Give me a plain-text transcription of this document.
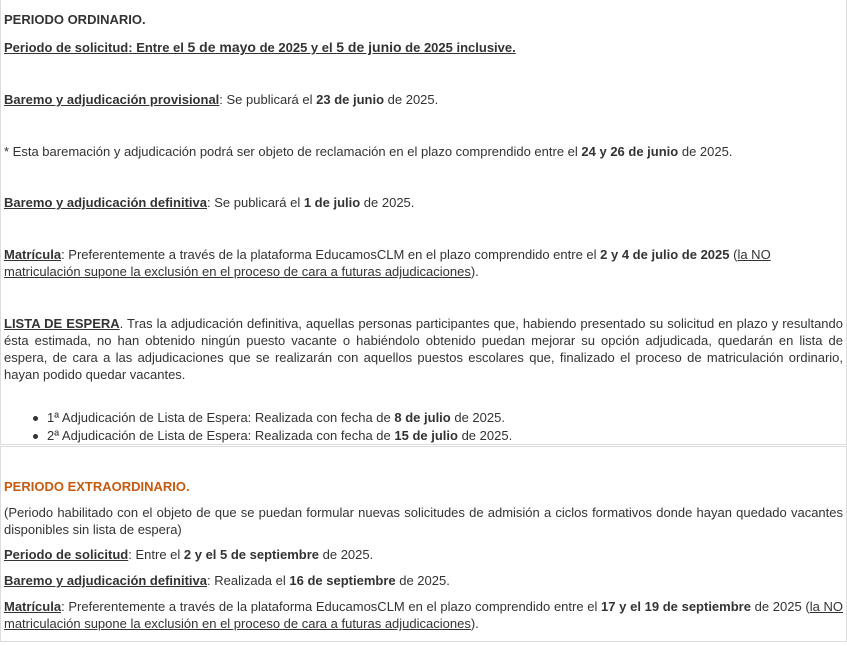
PERIODO ORDINARIO.

Periodo de solicitud: Entre el 5 de mayo de 2025 y el 5 de junio de 2025 inclusive.

Baremo y adjudicación provisional: Se publicará el 23 de junio de 2025.

* Esta baremación y adjudicación podrá ser objeto de reclamación en el plazo comprendido entre el 24 y 26 de junio de 2025.

Baremo y adjudicación definitiva: Se publicará el 1 de julio de 2025.

Matrícula: Preferentemente a través de la plataforma EducamosCLM en el plazo comprendido entre el 2 y 4 de julio de 2025 (la NO matriculación supone la exclusión en el proceso de cara a futuras adjudicaciones).

LISTA DE ESPERA. Tras la adjudicación definitiva, aquellas personas participantes que, habiendo presentado su solicitud en plazo y resultando ésta estimada, no han obtenido ningún puesto vacante o habiéndolo obtenido puedan mejorar su opción adjudicada, quedarán en lista de espera, de cara a las adjudicaciones que se realizarán con aquellos puestos escolares que, finalizado el proceso de matriculación ordinario, hayan podido quedar vacantes.

1ª Adjudicación de Lista de Espera: Realizada con fecha de 8 de julio de 2025.
2ª Adjudicación de Lista de Espera: Realizada con fecha de 15 de julio de 2025.

PERIODO EXTRAORDINARIO.

(Periodo habilitado con el objeto de que se puedan formular nuevas solicitudes de admisión a ciclos formativos donde hayan quedado vacantes disponibles sin lista de espera)

Periodo de solicitud: Entre el 2 y el 5 de septiembre de 2025.

Baremo y adjudicación definitiva: Realizada el 16 de septiembre de 2025.

Matrícula: Preferentemente a través de la plataforma EducamosCLM en el plazo comprendido entre el 17 y el 19 de septiembre de 2025 (la NO matriculación supone la exclusión en el proceso de cara a futuras adjudicaciones).
